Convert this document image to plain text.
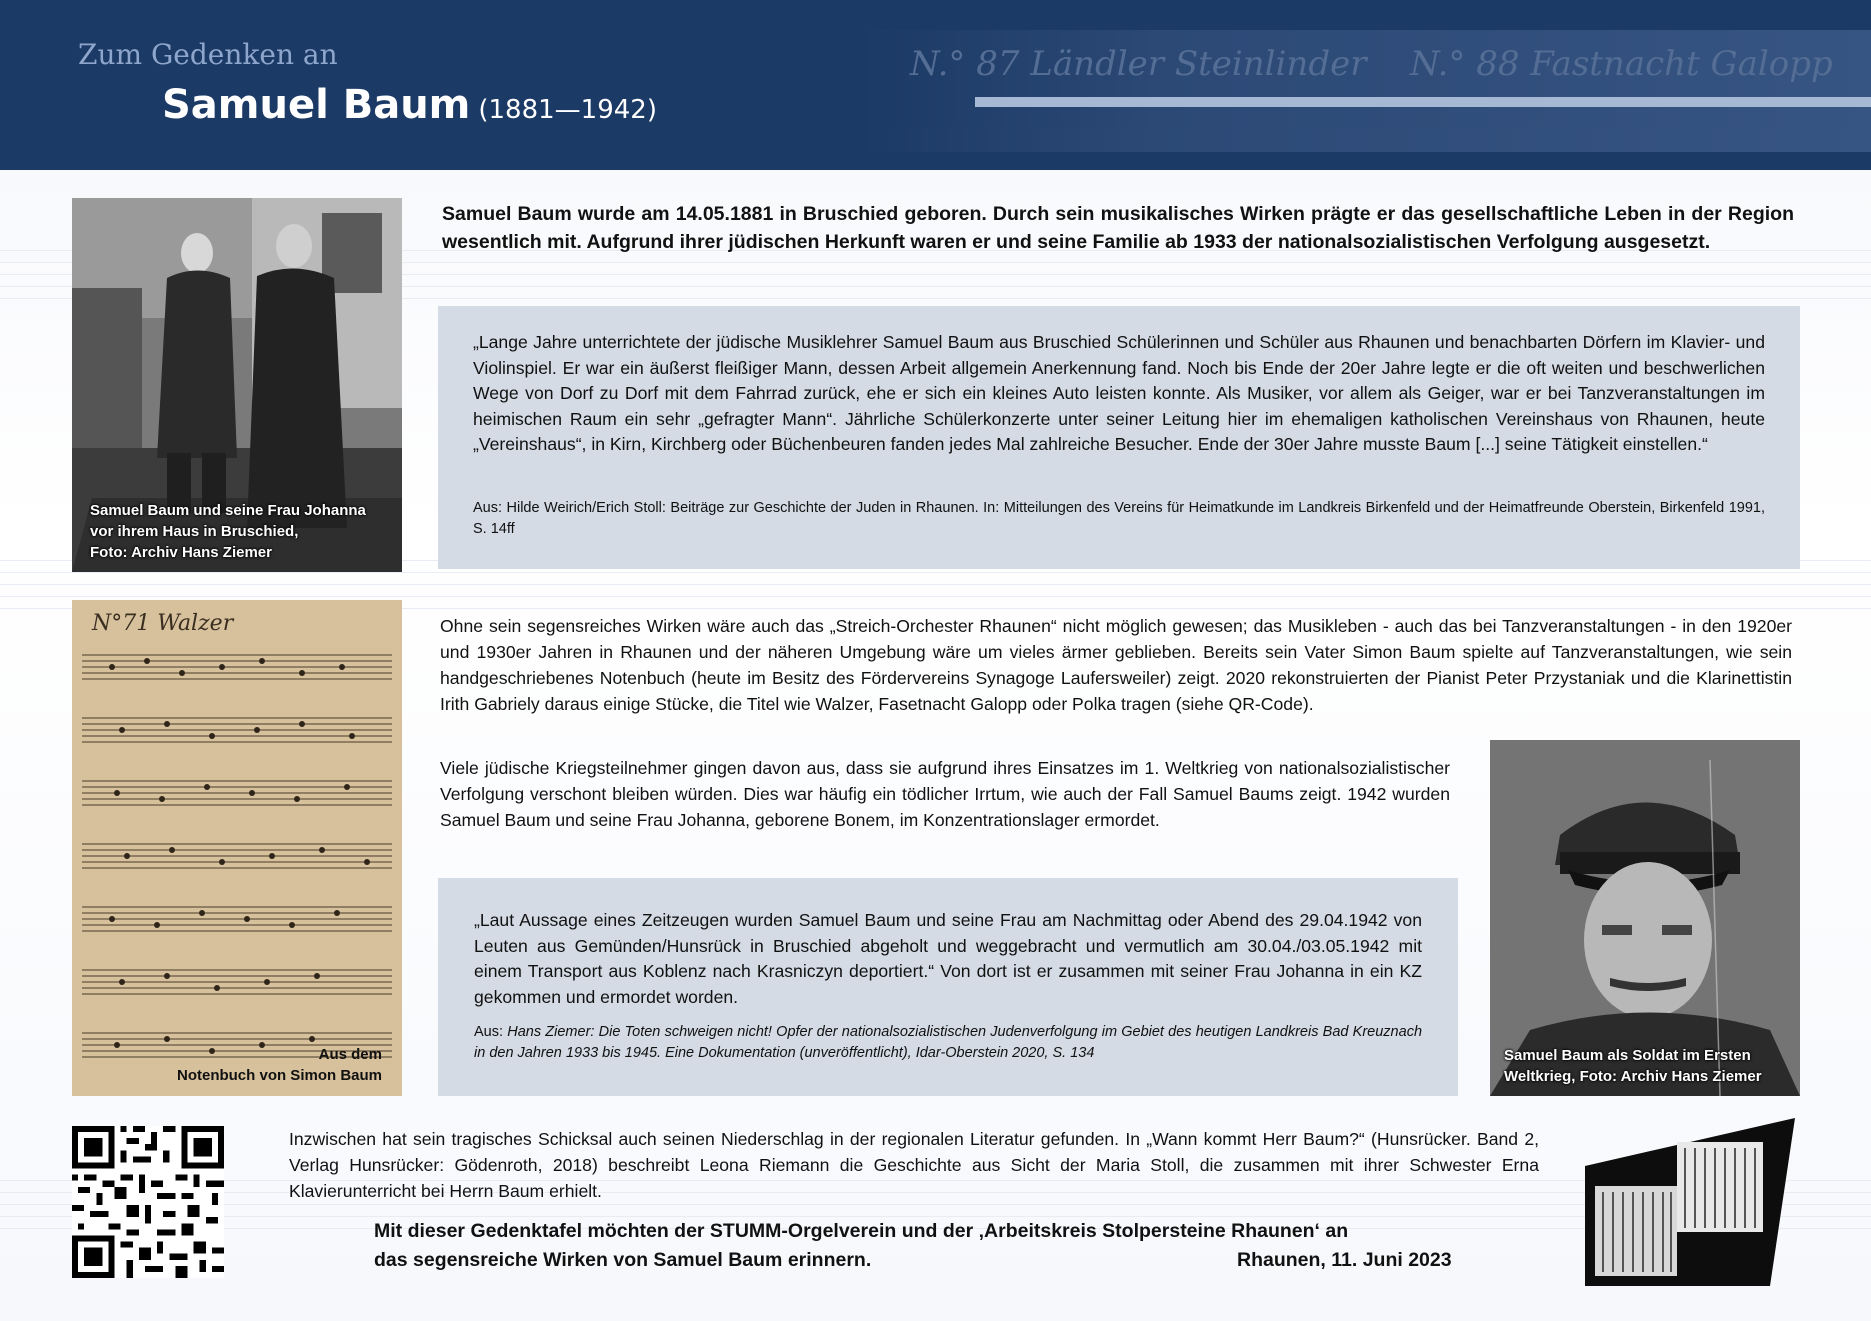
N.° 87 Ländler Steinlinder N.° 88 Fastnacht Galopp
Zum Gedenken an
Samuel Baum (1881—1942)
Samuel Baum und seine Frau Johanna
vor ihrem Haus in Bruschied,
Foto: Archiv Hans Ziemer
Samuel Baum wurde am 14.05.1881 in Bruschied geboren. Durch sein musikalisches Wirken prägte er das gesellschaftliche Leben in der Region wesentlich mit. Aufgrund ihrer jüdischen Herkunft waren er und seine Familie ab 1933 der nationalsozialistischen Verfolgung ausgesetzt.
„Lange Jahre unterrichtete der jüdische Musiklehrer Samuel Baum aus Bruschied Schülerinnen und Schüler aus Rhaunen und benachbarten Dörfern im Klavier- und Violinspiel. Er war ein äußerst fleißiger Mann, dessen Arbeit allgemein Anerkennung fand. Noch bis Ende der 20er Jahre legte er die oft weiten und beschwerlichen Wege von Dorf zu Dorf mit dem Fahrrad zurück, ehe er sich ein kleines Auto leisten konnte. Als Musiker, vor allem als Geiger, war er bei Tanzveranstaltungen im heimischen Raum ein sehr „gefragter Mann“. Jährliche Schülerkonzerte unter seiner Leitung hier im ehemaligen katholischen Vereinshaus von Rhaunen, heute „Vereinshaus“, in Kirn, Kirchberg oder Büchenbeuren fanden jedes Mal zahlreiche Besucher. Ende der 30er Jahre musste Baum [...] seine Tätigkeit einstellen.“
Aus: Hilde Weirich/Erich Stoll: Beiträge zur Geschichte der Juden in Rhaunen. In: Mitteilungen des Vereins für Heimatkunde im Landkreis Birkenfeld und der Heimatfreunde Oberstein, Birkenfeld 1991, S. 14ff
N°71 Walzer
Aus dem
Notenbuch von Simon Baum
Ohne sein segensreiches Wirken wäre auch das „Streich-Orchester Rhaunen“ nicht möglich gewesen; das Musikleben - auch das bei Tanzveranstaltungen - in den 1920er und 1930er Jahren in Rhaunen und der näheren Umgebung wäre um vieles ärmer geblieben. Bereits sein Vater Simon Baum spielte auf Tanzveranstaltungen, wie sein handgeschriebenes Notenbuch (heute im Besitz des Fördervereins Synagoge Laufersweiler) zeigt. 2020 rekonstruierten der Pianist Peter Przystaniak und die Klarinettistin Irith Gabriely daraus einige Stücke, die Titel wie Walzer, Fasetnacht Galopp oder Polka tragen (siehe QR-Code).
Viele jüdische Kriegsteilnehmer gingen davon aus, dass sie aufgrund ihres Einsatzes im 1. Weltkrieg von nationalsozialistischer Verfolgung verschont bleiben würden. Dies war häufig ein tödlicher Irrtum, wie auch der Fall Samuel Baums zeigt. 1942 wurden Samuel Baum und seine Frau Johanna, geborene Bonem, im Konzentrationslager ermordet.
Samuel Baum als Soldat im Ersten
Weltkrieg, Foto: Archiv Hans Ziemer
„Laut Aussage eines Zeitzeugen wurden Samuel Baum und seine Frau am Nachmittag oder Abend des 29.04.1942 von Leuten aus Gemünden/Hunsrück in Bruschied abgeholt und weggebracht und vermutlich am 30.04./03.05.1942 mit einem Transport aus Koblenz nach Krasniczyn deportiert.“ Von dort ist er zusammen mit seiner Frau Johanna in ein KZ gekommen und ermordet worden.
Aus: Hans Ziemer: Die Toten schweigen nicht! Opfer der nationalsozialistischen Judenverfolgung im Gebiet des heutigen Landkreis Bad Kreuznach in den Jahren 1933 bis 1945. Eine Dokumentation (unveröffentlicht), Idar-Oberstein 2020, S. 134
Inzwischen hat sein tragisches Schicksal auch seinen Niederschlag in der regionalen Literatur gefunden. In „Wann kommt Herr Baum?“ (Hunsrücker. Band 2, Verlag Hunsrücker: Gödenroth, 2018) beschreibt Leona Riemann die Geschichte aus Sicht der Maria Stoll, die zusammen mit ihrer Schwester Erna Klavierunterricht bei Herrn Baum erhielt.
Mit dieser Gedenktafel möchten der STUMM-Orgelverein und der ‚Arbeitskreis Stolpersteine Rhaunen‘ an
das segensreiche Wirken von Samuel Baum erinnern.	Rhaunen, 11. Juni 2023
